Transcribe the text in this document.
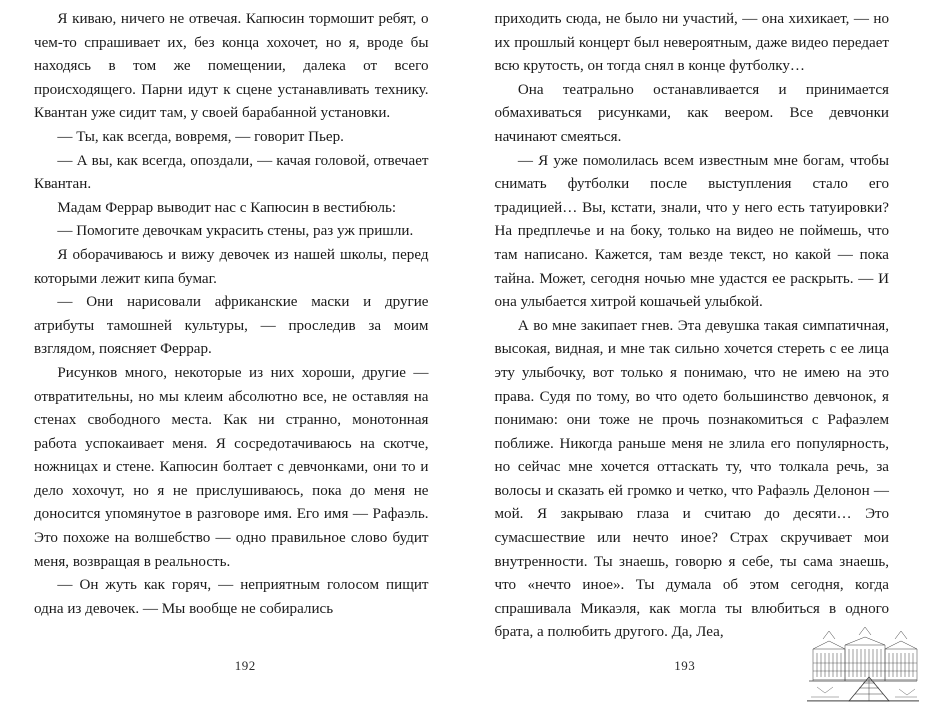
Я киваю, ничего не отвечая. Капюсин тормошит ребят, о чем-то спрашивает их, без конца хохочет, но я, вроде бы находясь в том же помещении, далека от всего происходящего. Парни идут к сцене устанавливать технику. Квантан уже сидит там, у своей барабанной установки.

— Ты, как всегда, вовремя, — говорит Пьер.

— А вы, как всегда, опоздали, — качая головой, отвечает Квантан.

Мадам Феррар выводит нас с Капюсин в вестибюль:

— Помогите девочкам украсить стены, раз уж пришли.

Я оборачиваюсь и вижу девочек из нашей школы, перед которыми лежит кипа бумаг.

— Они нарисовали африканские маски и другие атрибуты тамошней культуры, — проследив за моим взглядом, поясняет Феррар.

Рисунков много, некоторые из них хороши, другие — отвратительны, но мы клеим абсолютно все, не оставляя на стенах свободного места. Как ни странно, монотонная работа успокаивает меня. Я сосредотачиваюсь на скотче, ножницах и стене. Капюсин болтает с девчонками, они то и дело хохочут, но я не прислушиваюсь, пока до меня не доносится упомянутое в разговоре имя. Его имя — Рафаэль. Это похоже на волшебство — одно правильное слово будит меня, возвращая в реальность.

— Он жуть как горяч, — неприятным голосом пищит одна из девочек. — Мы вообще не собирались

192

приходить сюда, не было ни участий, — она хихикает, — но их прошлый концерт был невероятным, даже видео передает всю крутость, он тогда снял в конце футболку…

Она театрально останавливается и принимается обмахиваться рисунками, как веером. Все девчонки начинают смеяться.

— Я уже помолилась всем известным мне богам, чтобы снимать футболки после выступления стало его традицией… Вы, кстати, знали, что у него есть татуировки? На предплечье и на боку, только на видео не поймешь, что там написано. Кажется, там везде текст, но какой — пока тайна. Может, сегодня ночью мне удастся ее раскрыть. — И она улыбается хитрой кошачьей улыбкой.

А во мне закипает гнев. Эта девушка такая симпатичная, высокая, видная, и мне так сильно хочется стереть с ее лица эту улыбочку, вот только я понимаю, что не имею на это права. Судя по тому, во что одето большинство девчонок, я понимаю: они тоже не прочь познакомиться с Рафаэлем поближе. Никогда раньше меня не злила его популярность, но сейчас мне хочется оттаскать ту, что толкала речь, за волосы и сказать ей громко и четко, что Рафаэль Делонон — мой. Я закрываю глаза и считаю до десяти… Это сумасшествие или нечто иное? Страх скручивает мои внутренности. Ты знаешь, говорю я себе, ты сама знаешь, что «нечто иное». Ты думала об этом сегодня, когда спрашивала Микаэля, как могла ты влюбиться в одного брата, а полюбить другого. Да, Леа,

193
